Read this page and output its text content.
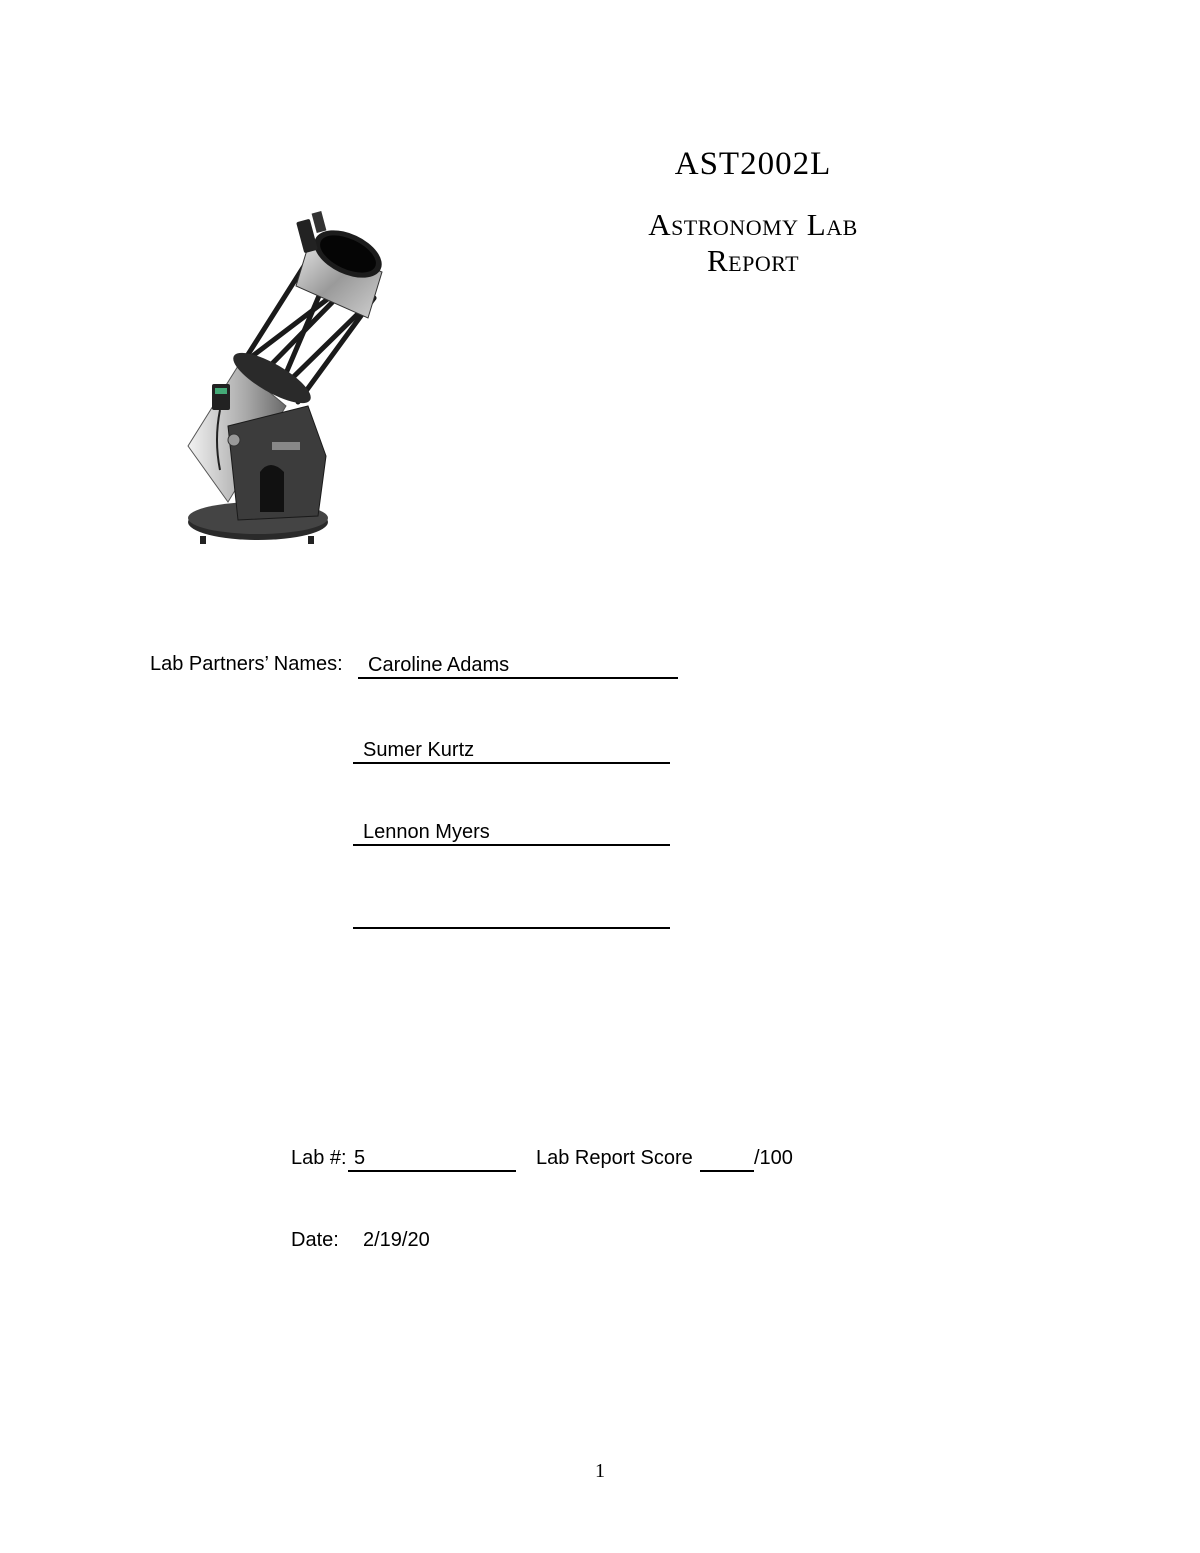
AST2002L
Astronomy Lab
Report
Lab Partners’ Names:	Caroline Adams
Sumer Kurtz
Lennon Myers
Lab #: 5	Lab Report Score	/100
Date: 2/19/20
1
